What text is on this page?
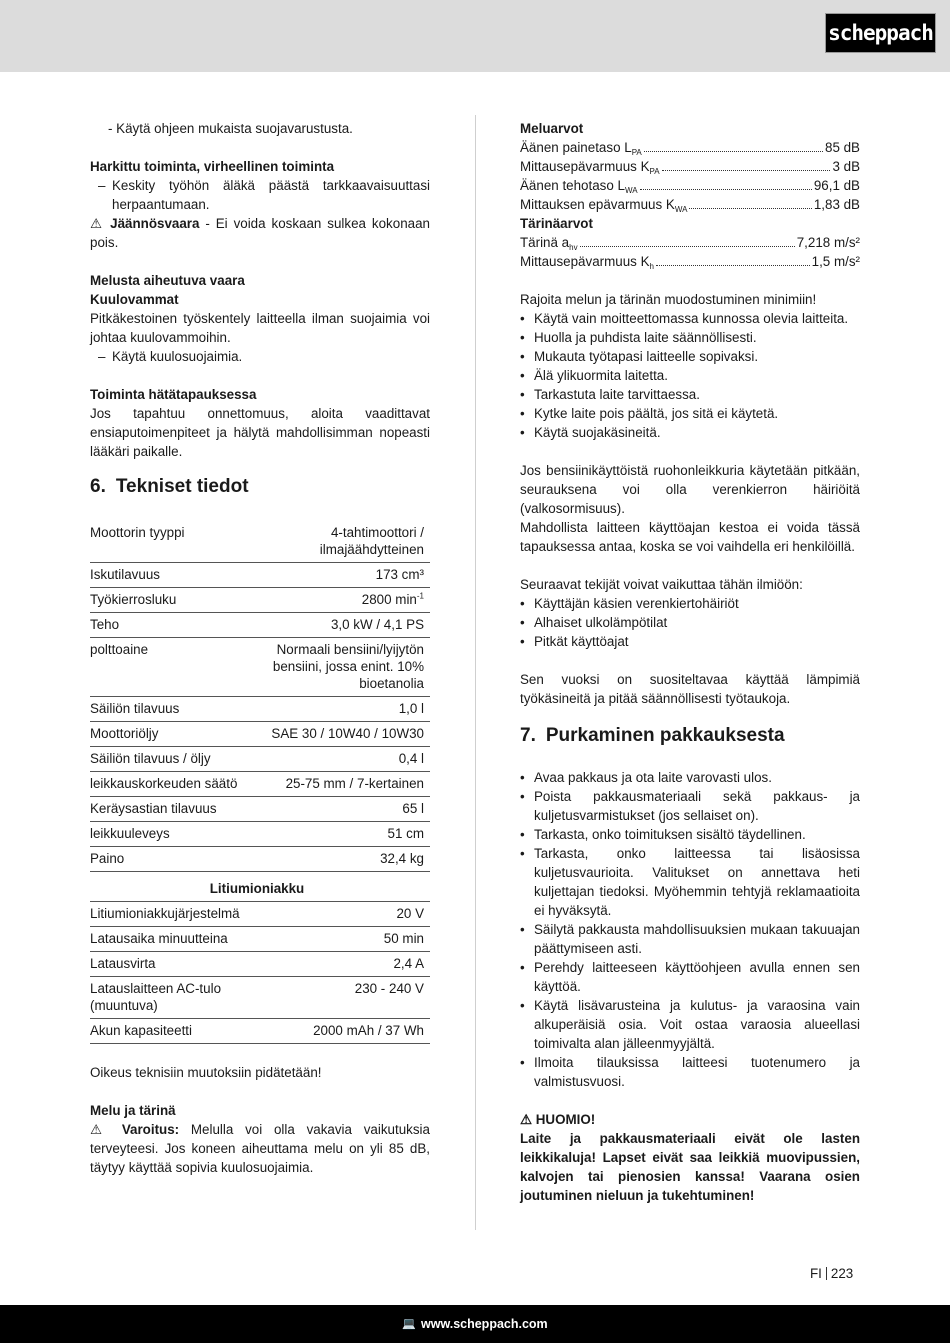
scheppach

- Käytä ohjeen mukaista suojavarustusta.

Harkittu toiminta, virheellinen toiminta

– Keskity työhön äläkä päästä tarkkaavaisuuttasi herpaantumaan.

⚠ Jäännösvaara - Ei voida koskaan sulkea kokonaan pois.

Melusta aiheutuva vaara

Kuulovammat

Pitkäkestoinen työskentely laitteella ilman suojaimia voi johtaa kuulovammoihin.

– Käytä kuulosuojaimia.

Toiminta hätätapauksessa

Jos tapahtuu onnettomuus, aloita vaadittavat ensiaputoimenpiteet ja hälytä mahdollisimman nopeasti lääkäri paikalle.

6. Tekniset tiedot
Moottorin tyyppi	4-tahtimoottori / ilmajäähdytteinen
Iskutilavuus	173 cm³
Työkierrosluku	2800 $\min^{-1}$
Teho	3,0 kW / 4,1 PS
polttoaine	Normaali bensiini/lyijytön bensiini, jossa enint. 10% bioetanolia
Säiliön tilavuus	1,0 l
Moottoriöljy	SAE 30 / 10W40 / 10W30
Säiliön tilavuus / öljy	0,4 l
leikkauskorkeuden säätö	25-75 mm / 7-kertainen
Keräysastian tilavuus	65 l
leikkuuleveys	51 cm
Paino	32,4 kg
Litiumioniakku	
Litiumioniakkujärjestelmä	20 V
Latausaika minuutteina	50 min
Latausvirta	2,4 A
Latauslaitteen AC-tulo (muuntuva)	230 - 240 V
Akun kapasiteetti	2000 mAh / 37 Wh

Oikeus teknisiin muutoksiin pidätetään!

Melu ja tärinä

⚠ Varoitus: Melulla voi olla vakavia vaikutuksia terveyteesi. Jos koneen aiheuttama melu on yli 85 dB, täytyy käyttää sopivia kuulosuojaimia.

Meluarvot

Äänen painetaso $L_{PA}$	85 dB
Mittausepävarmuus $K_{PA}$	3 dB
Äänen tehotaso $L_{WA}$	96,1 dB
Mittauksen epävarmuus $K_{WA}$	1,83 dB

Tärinäarvot

Tärinä $a_{hv}$	7,218 m/s²
Mittausepävarmuus $K_h$	1,5 m/s²

Rajoita melun ja tärinän muodostuminen minimiin!

• Käytä vain moitteettomassa kunnossa olevia laitteita.
• Huolla ja puhdista laite säännöllisesti.
• Mukauta työtapasi laitteelle sopivaksi.
• Älä ylikuormita laitetta.
• Tarkastuta laite tarvittaessa.
• Kytke laite pois päältä, jos sitä ei käytetä.
• Käytä suojakäsineitä.

Jos bensiinikäyttöistä ruohonleikkuria käytetään pitkään, seurauksena voi olla verenkierron häiriöitä (valkosormisuus).

Mahdollista laitteen käyttöajan kestoa ei voida tässä tapauksessa antaa, koska se voi vaihdella eri henkilöillä.

Seuraavat tekijät voivat vaikuttaa tähän ilmiöön:

• Käyttäjän käsien verenkiertohäiriöt
• Alhaiset ulkolämpötilat
• Pitkät käyttöajat

Sen vuoksi on suositeltavaa käyttää lämpimiä työkäsineitä ja pitää säännöllisesti työtaukoja.

7. Purkaminen pakkauksesta
• Avaa pakkaus ja ota laite varovasti ulos.
• Poista pakkausmateriaali sekä pakkaus- ja kuljetusvarmistukset (jos sellaiset on).
• Tarkasta, onko toimituksen sisältö täydellinen.
• Tarkasta, onko laitteessa tai lisäosissa kuljetusvaurioita. Valitukset on annettava heti kuljettajan tiedoksi. Myöhemmin tehtyjä reklamaatioita ei hyväksytä.
• Säilytä pakkausta mahdollisuuksien mukaan takuuajan päättymiseen asti.
• Perehdy laitteeseen käyttöohjeen avulla ennen sen käyttöä.
• Käytä lisävarusteina ja kulutus- ja varaosina vain alkuperäisiä osia. Voit ostaa varaosia alueellasi toimivalta alan jälleenmyyjältä.
• Ilmoita tilauksissa laitteesi tuotenumero ja valmistusvuosi.

⚠ HUOMIO!

Laite ja pakkausmateriaali eivät ole lasten leikkikaluja! Lapset eivät saa leikkiä muovipussien, kalvojen tai pienosien kanssa! Vaarana osien joutuminen nieluun ja tukehtuminen!

FI 223
💻 www.scheppach.com
